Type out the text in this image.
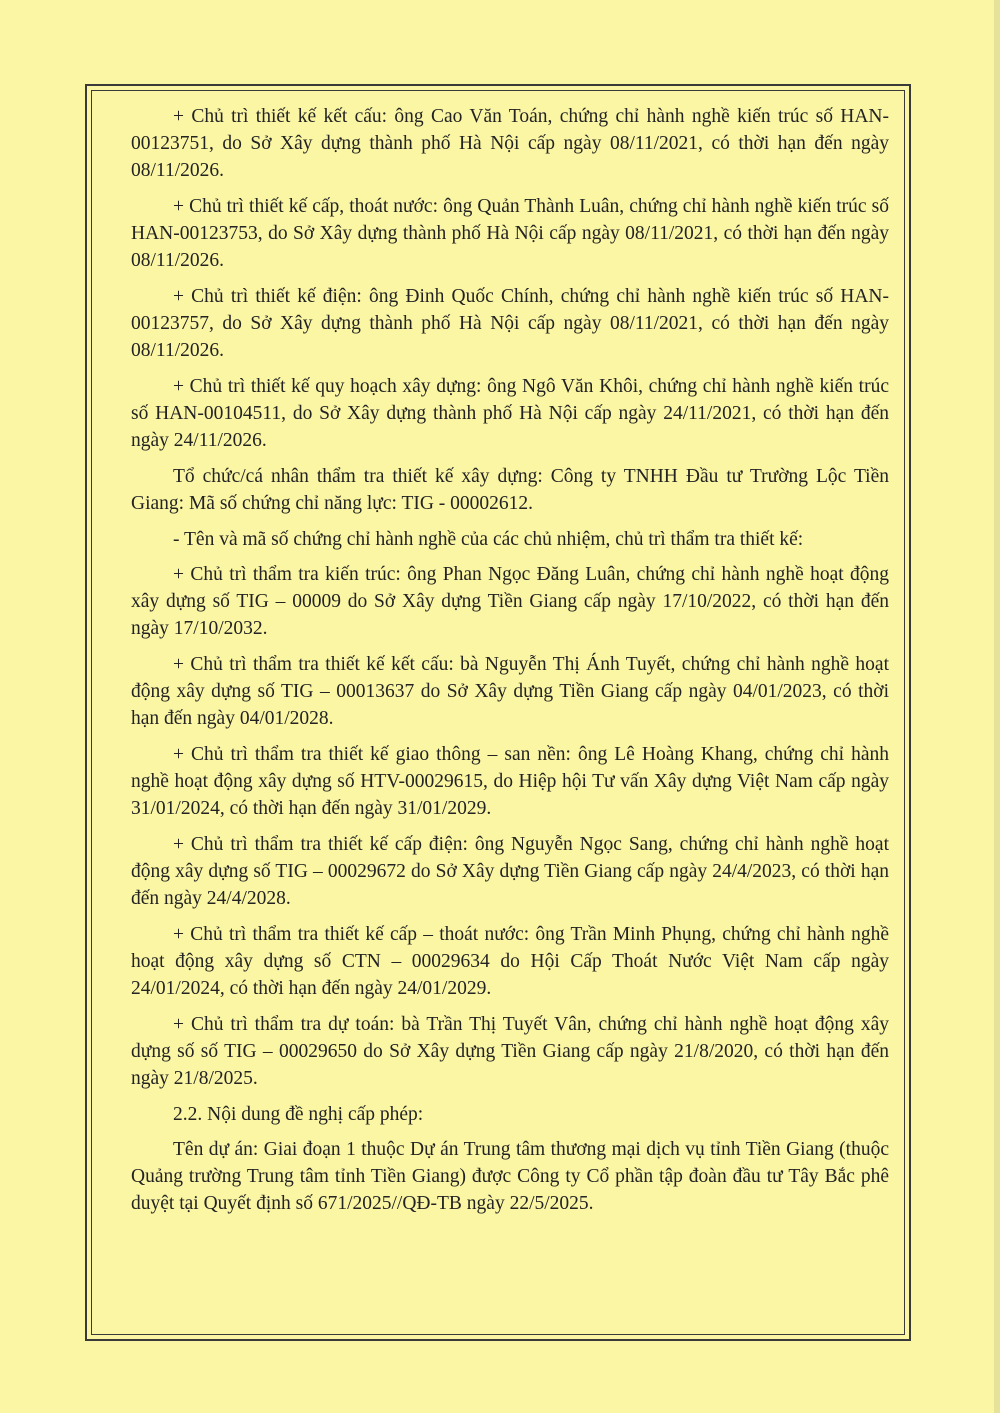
+ Chủ trì thiết kế kết cấu: ông Cao Văn Toán, chứng chỉ hành nghề kiến trúc số HAN-00123751, do Sở Xây dựng thành phố Hà Nội cấp ngày 08/11/2021, có thời hạn đến ngày 08/11/2026.

+ Chủ trì thiết kế cấp, thoát nước: ông Quản Thành Luân, chứng chỉ hành nghề kiến trúc số HAN-00123753, do Sở Xây dựng thành phố Hà Nội cấp ngày 08/11/2021, có thời hạn đến ngày 08/11/2026.

+ Chủ trì thiết kế điện: ông Đinh Quốc Chính, chứng chỉ hành nghề kiến trúc số HAN-00123757, do Sở Xây dựng thành phố Hà Nội cấp ngày 08/11/2021, có thời hạn đến ngày 08/11/2026.

+ Chủ trì thiết kế quy hoạch xây dựng: ông Ngô Văn Khôi, chứng chỉ hành nghề kiến trúc số HAN-00104511, do Sở Xây dựng thành phố Hà Nội cấp ngày 24/11/2021, có thời hạn đến ngày 24/11/2026.

Tổ chức/cá nhân thẩm tra thiết kế xây dựng: Công ty TNHH Đầu tư Trường Lộc Tiền Giang: Mã số chứng chỉ năng lực: TIG - 00002612.

- Tên và mã số chứng chỉ hành nghề của các chủ nhiệm, chủ trì thẩm tra thiết kế:

+ Chủ trì thẩm tra kiến trúc: ông Phan Ngọc Đăng Luân, chứng chỉ hành nghề hoạt động xây dựng số TIG – 00009 do Sở Xây dựng Tiền Giang cấp ngày 17/10/2022, có thời hạn đến ngày 17/10/2032.

+ Chủ trì thẩm tra thiết kế kết cấu: bà Nguyễn Thị Ánh Tuyết, chứng chỉ hành nghề hoạt động xây dựng số TIG – 00013637 do Sở Xây dựng Tiền Giang cấp ngày 04/01/2023, có thời hạn đến ngày 04/01/2028.

+ Chủ trì thẩm tra thiết kế giao thông – san nền: ông Lê Hoàng Khang, chứng chỉ hành nghề hoạt động xây dựng số HTV-00029615, do Hiệp hội Tư vấn Xây dựng Việt Nam cấp ngày 31/01/2024, có thời hạn đến ngày 31/01/2029.

+ Chủ trì thẩm tra thiết kế cấp điện: ông Nguyễn Ngọc Sang, chứng chỉ hành nghề hoạt động xây dựng số TIG – 00029672 do Sở Xây dựng Tiền Giang cấp ngày 24/4/2023, có thời hạn đến ngày 24/4/2028.

+ Chủ trì thẩm tra thiết kế cấp – thoát nước: ông Trần Minh Phụng, chứng chỉ hành nghề hoạt động xây dựng số CTN – 00029634 do Hội Cấp Thoát Nước Việt Nam cấp ngày 24/01/2024, có thời hạn đến ngày 24/01/2029.

+ Chủ trì thẩm tra dự toán: bà Trần Thị Tuyết Vân, chứng chỉ hành nghề hoạt động xây dựng số số TIG – 00029650 do Sở Xây dựng Tiền Giang cấp ngày 21/8/2020, có thời hạn đến ngày 21/8/2025.

2.2. Nội dung đề nghị cấp phép:

Tên dự án: Giai đoạn 1 thuộc Dự án Trung tâm thương mại dịch vụ tỉnh Tiền Giang (thuộc Quảng trường Trung tâm tỉnh Tiền Giang) được Công ty Cổ phần tập đoàn đầu tư Tây Bắc phê duyệt tại Quyết định số 671/2025//QĐ-TB ngày 22/5/2025.
